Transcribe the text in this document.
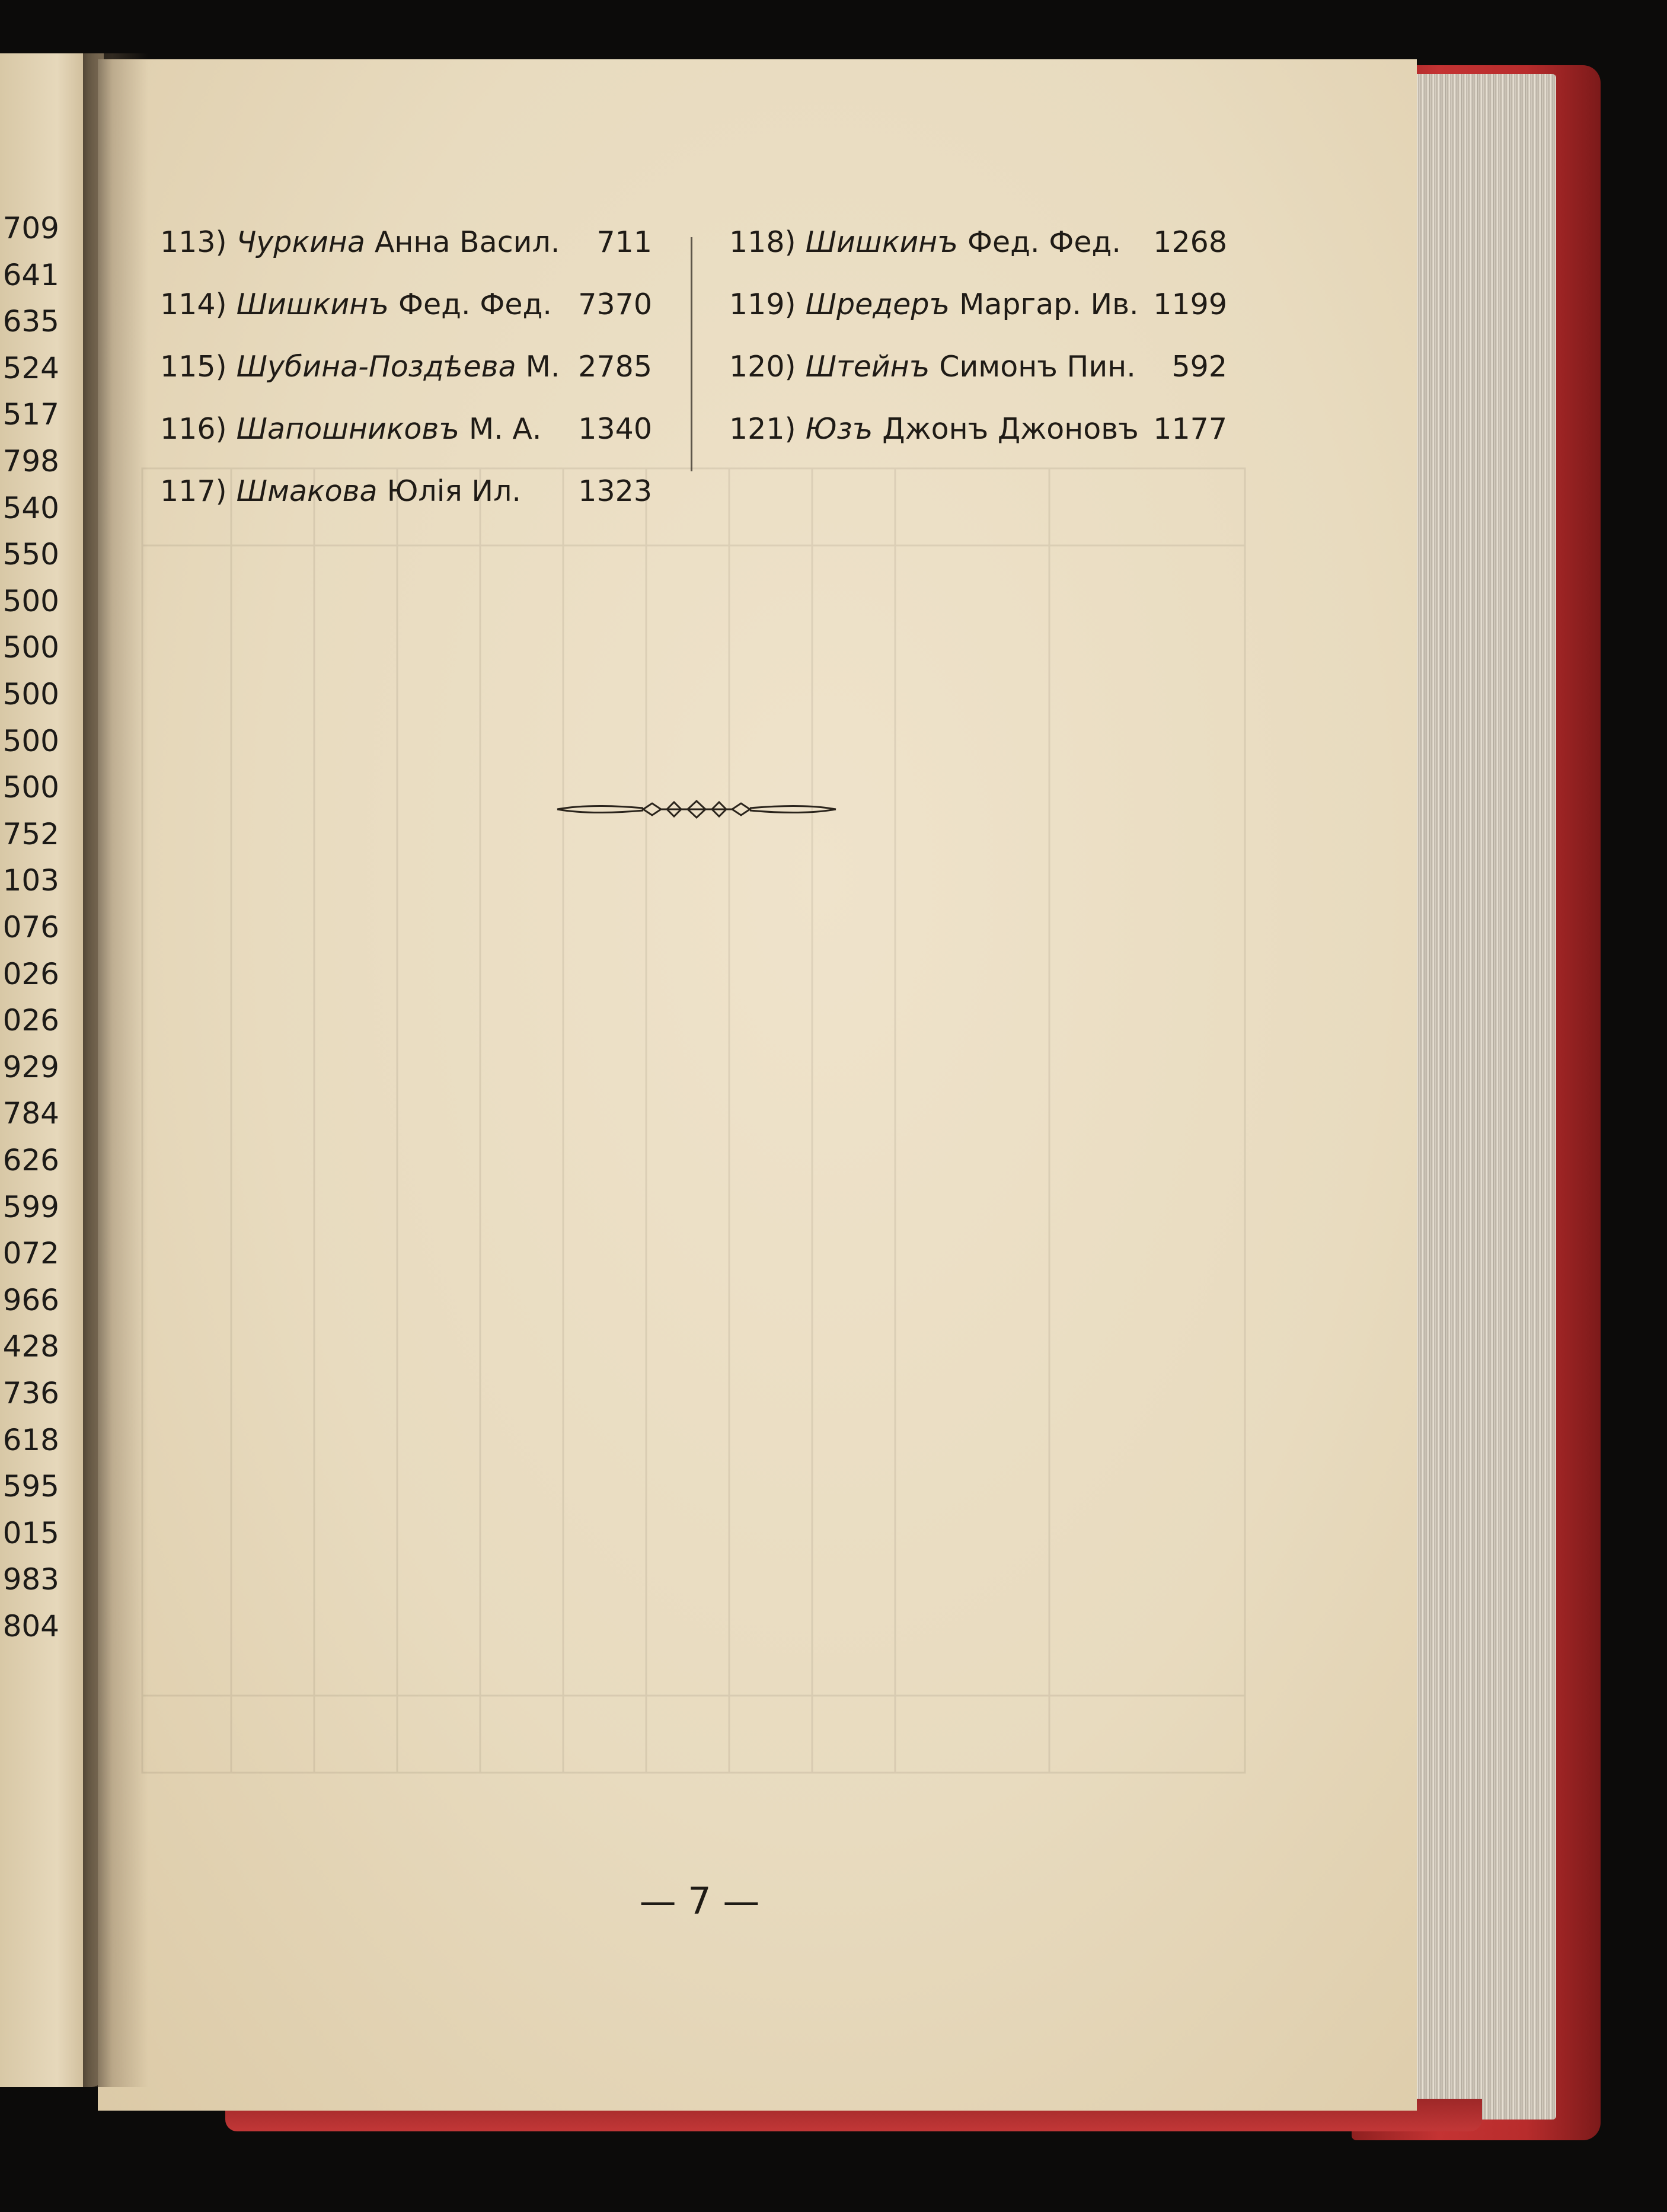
709
641
635
524
517
798
540
550
500
500
500
500
500
752
103
076
026
026
929
784
626
599
072
966
428
736
618
595
015
983
804
113) Чуркина Анна Васил. 711
114) Шишкинъ Фед. Фед. 7370
115) Шубина-Поздѣева М. 2785
116) Шапошниковъ М. А. 1340
117) Шмакова Юлія Ил. 1323
118) Шишкинъ Фед. Фед. 1268
119) Шредеръ Маргар. Ив. 1199
120) Штейнъ Симонъ Пин. 592
121) Юзъ Джонъ Джоновъ 1177
— 7 —
